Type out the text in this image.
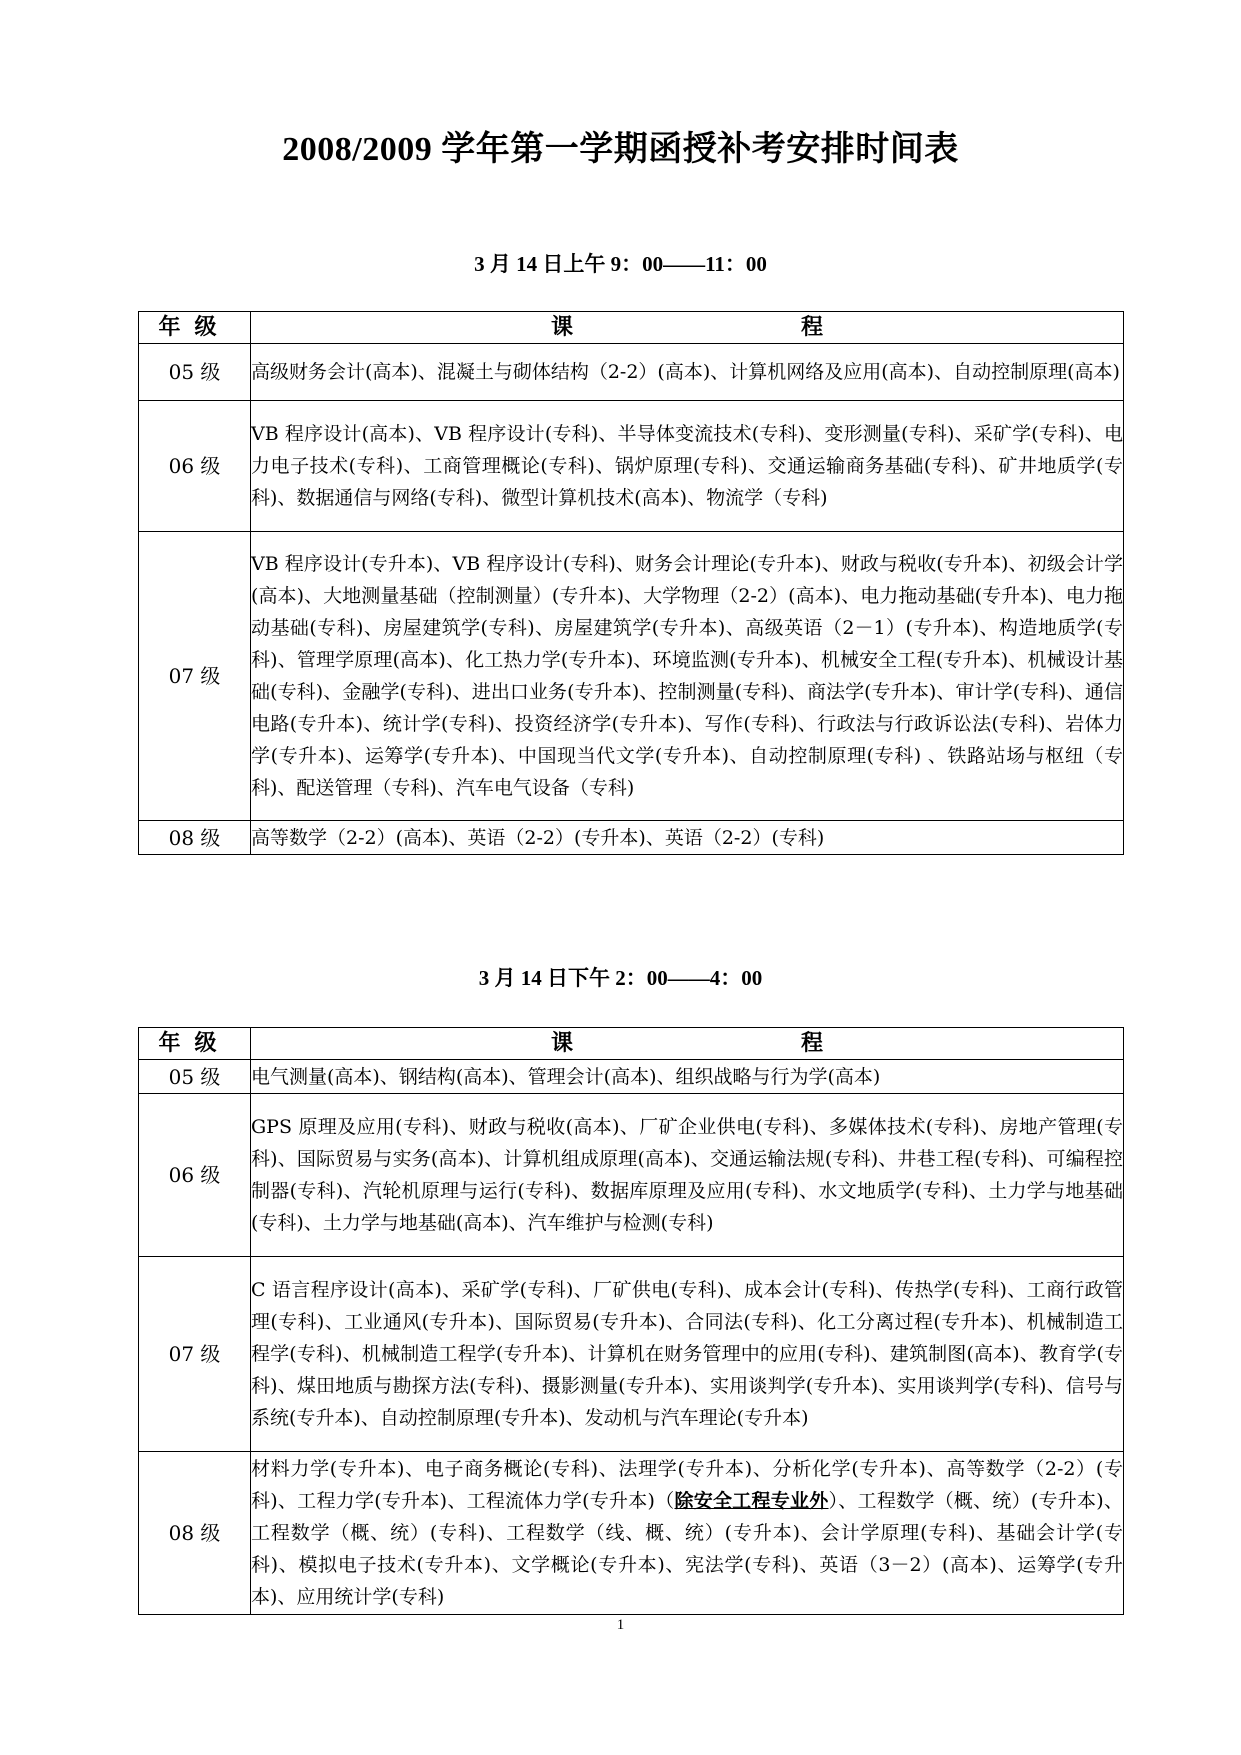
2008/2009 学年第一学期函授补考安排时间表
3 月 14 日上午 9：00——11：00
年级	课 程

05 级	高级财务会计(高本)、混凝土与砌体结构（2-2）(高本)、计算机网络及应用(高本)、自动控制原理(高本)
06 级	VB 程序设计(高本)、VB 程序设计(专科)、半导体变流技术(专科)、变形测量(专科)、采矿学(专科)、电力电子技术(专科)、工商管理概论(专科)、锅炉原理(专科)、交通运输商务基础(专科)、矿井地质学(专科)、数据通信与网络(专科)、微型计算机技术(高本)、物流学（专科)
07 级	VB 程序设计(专升本)、VB 程序设计(专科)、财务会计理论(专升本)、财政与税收(专升本)、初级会计学(高本)、大地测量基础（控制测量）(专升本)、大学物理（2-2）(高本)、电力拖动基础(专升本)、电力拖动基础(专科)、房屋建筑学(专科)、房屋建筑学(专升本)、高级英语（2－1）(专升本)、构造地质学(专科)、管理学原理(高本)、化工热力学(专升本)、环境监测(专升本)、机械安全工程(专升本)、机械设计基础(专科)、金融学(专科)、进出口业务(专升本)、控制测量(专科)、商法学(专升本)、审计学(专科)、通信电路(专升本)、统计学(专科)、投资经济学(专升本)、写作(专科)、行政法与行政诉讼法(专科)、岩体力学(专升本)、运筹学(专升本)、中国现当代文学(专升本)、自动控制原理(专科) 、铁路站场与枢纽（专科)、配送管理（专科)、汽车电气设备（专科)
08 级	高等数学（2-2）(高本)、英语（2-2）(专升本)、英语（2-2）(专科)
3 月 14 日下午 2：00——4：00
年级	课 程

05 级	电气测量(高本)、钢结构(高本)、管理会计(高本)、组织战略与行为学(高本)
06 级	GPS 原理及应用(专科)、财政与税收(高本)、厂矿企业供电(专科)、多媒体技术(专科)、房地产管理(专科)、国际贸易与实务(高本)、计算机组成原理(高本)、交通运输法规(专科)、井巷工程(专科)、可编程控制器(专科)、汽轮机原理与运行(专科)、数据库原理及应用(专科)、水文地质学(专科)、土力学与地基础(专科)、土力学与地基础(高本)、汽车维护与检测(专科)
07 级	C 语言程序设计(高本)、采矿学(专科)、厂矿供电(专科)、成本会计(专科)、传热学(专科)、工商行政管理(专科)、工业通风(专升本)、国际贸易(专升本)、合同法(专科)、化工分离过程(专升本)、机械制造工程学(专科)、机械制造工程学(专升本)、计算机在财务管理中的应用(专科)、建筑制图(高本)、教育学(专科)、煤田地质与勘探方法(专科)、摄影测量(专升本)、实用谈判学(专升本)、实用谈判学(专科)、信号与系统(专升本)、自动控制原理(专升本)、发动机与汽车理论(专升本)
08 级	材料力学(专升本)、电子商务概论(专科)、法理学(专升本)、分析化学(专升本)、高等数学（2-2）(专科)、工程力学(专升本)、工程流体力学(专升本)（除安全工程专业外）、工程数学（概、统）(专升本)、工程数学（概、统）(专科)、工程数学（线、概、统）(专升本)、会计学原理(专科)、基础会计学(专科)、模拟电子技术(专升本)、文学概论(专升本)、宪法学(专科)、英语（3－2）(高本)、运筹学(专升本)、应用统计学(专科)
1
